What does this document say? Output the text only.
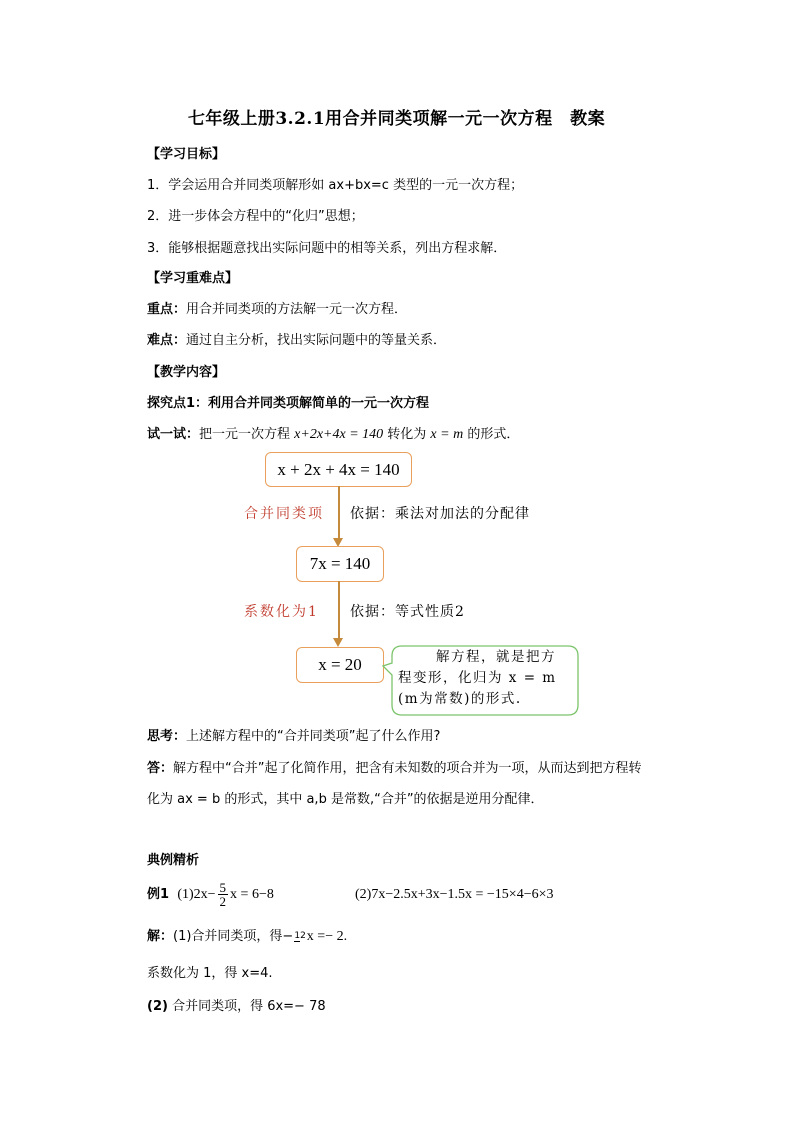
七年级上册3.2.1用合并同类项解一元一次方程　教案
【学习目标】
1．学会运用合并同类项解形如 ax+bx=c 类型的一元一次方程；
2．进一步体会方程中的“化归”思想；
3．能够根据题意找出实际问题中的相等关系，列出方程求解．
【学习重难点】
重点：用合并同类项的方法解一元一次方程．
难点：通过自主分析，找出实际问题中的等量关系．
【教学内容】
探究点1：利用合并同类项解简单的一元一次方程
试一试：把一元一次方程 x+2x+4x = 140 转化为 x = m 的形式．
x + 2x + 4x = 140
合并同类项 依据：乘法对加法的分配律
7x = 140
系数化为1 依据：等式性质2
x = 20	解方程，就是把方
程变形，化归为 x = m
(m为常数)的形式.
思考：上述解方程中的“合并同类项”起了什么作用?
答：解方程中“合并”起了化简作用，把含有未知数的项合并为一项，从而达到把方程转
化为 ax = b 的形式，其中 a,b 是常数,“合并”的依据是逆用分配律．
典例精析
例1 $(1)2x- \frac{5}{2}$ x = 6−8	(2)7x−2.5x+3x−1.5x = −15×4−6×3
解：(1)合并同类项，得−12x =− 2.
系数化为 1，得 x=4.
(2) 合并同类项，得 6x=− 78
